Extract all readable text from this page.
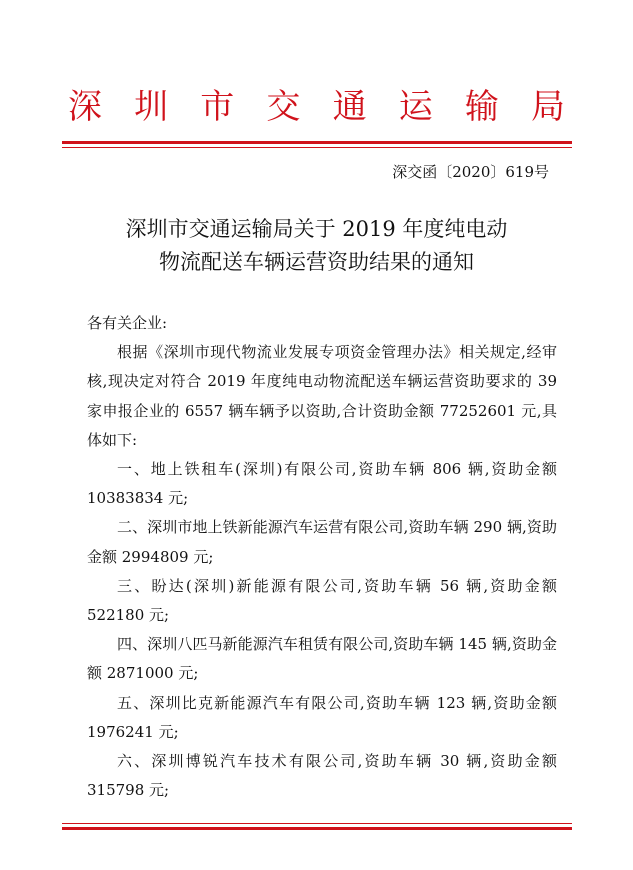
深 圳 市 交 通 运 输 局
深交函〔2020〕619号
深圳市交通运输局关于 2019 年度纯电动
物流配送车辆运营资助结果的通知
各有关企业:
根据《深圳市现代物流业发展专项资金管理办法》相关规定,经审核,现决定对符合 2019 年度纯电动物流配送车辆运营资助要求的 39 家申报企业的 6557 辆车辆予以资助,合计资助金额 77252601 元,具体如下:
一、地上铁租车(深圳)有限公司,资助车辆 806 辆,资助金额 10383834 元;
二、深圳市地上铁新能源汽车运营有限公司,资助车辆 290 辆,资助金额 2994809 元;
三、盼达(深圳)新能源有限公司,资助车辆 56 辆,资助金额 522180 元;
四、深圳八匹马新能源汽车租赁有限公司,资助车辆 145 辆,资助金额 2871000 元;
五、深圳比克新能源汽车有限公司,资助车辆 123 辆,资助金额 1976241 元;
六、深圳博锐汽车技术有限公司,资助车辆 30 辆,资助金额 315798 元;
